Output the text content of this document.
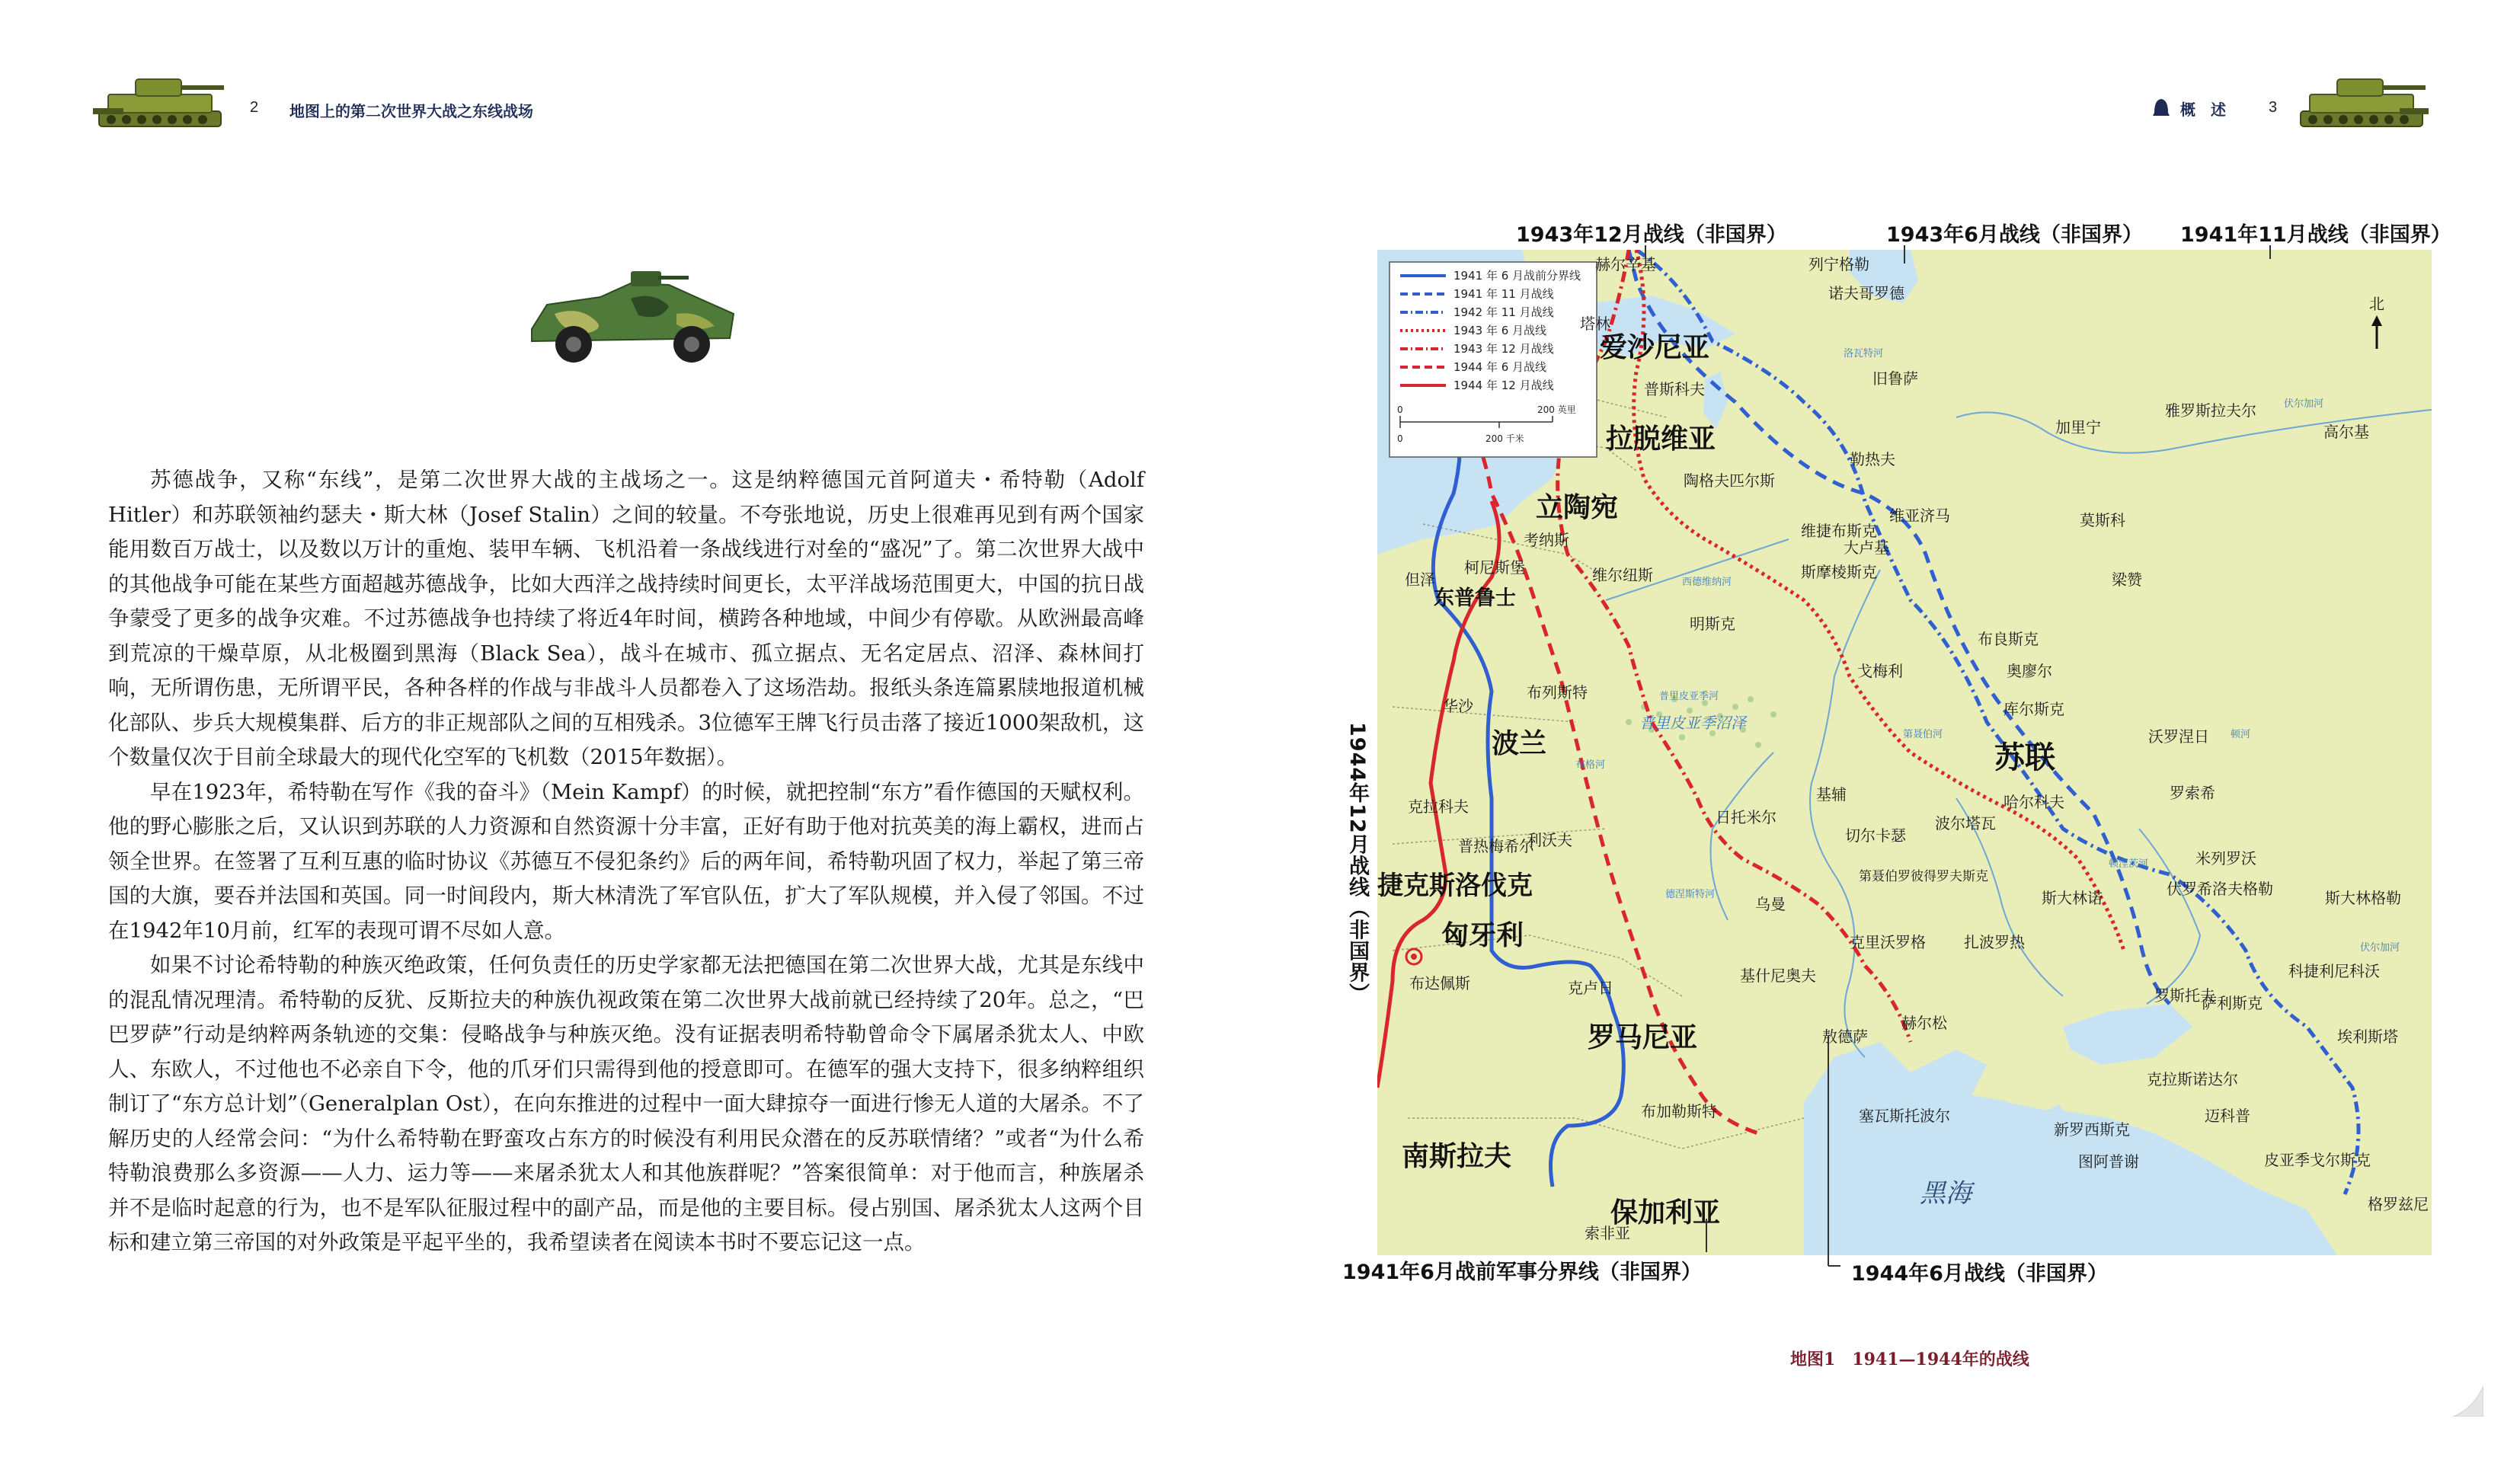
2 地图上的第二次世界大战之东线战场	概　述	3

苏德战争，又称“东线”，是第二次世界大战的主战场之一。这是纳粹德国元首阿道夫・希特勒（Adolf Hitler）和苏联领袖约瑟夫・斯大林（Josef Stalin）之间的较量。不夸张地说，历史上很难再见到有两个国家能用数百万战士，以及数以万计的重炮、装甲车辆、飞机沿着一条战线进行对垒的“盛况”了。第二次世界大战中的其他战争可能在某些方面超越苏德战争，比如大西洋之战持续时间更长，太平洋战场范围更大，中国的抗日战争蒙受了更多的战争灾难。不过苏德战争也持续了将近4年时间，横跨各种地域，中间少有停歇。从欧洲最高峰到荒凉的干燥草原，从北极圈到黑海（Black Sea），战斗在城市、孤立据点、无名定居点、沼泽、森林间打响，无所谓伤患，无所谓平民，各种各样的作战与非战斗人员都卷入了这场浩劫。报纸头条连篇累牍地报道机械化部队、步兵大规模集群、后方的非正规部队之间的互相残杀。3位德军王牌飞行员击落了接近1000架敌机，这个数量仅次于目前全球最大的现代化空军的飞机数（2015年数据）。

早在1923年，希特勒在写作《我的奋斗》（Mein Kampf）的时候，就把控制“东方”看作德国的天赋权利。他的野心膨胀之后，又认识到苏联的人力资源和自然资源十分丰富，正好有助于他对抗英美的海上霸权，进而占领全世界。在签署了互利互惠的临时协议《苏德互不侵犯条约》后的两年间，希特勒巩固了权力，举起了第三帝国的大旗，要吞并法国和英国。同一时间段内，斯大林清洗了军官队伍，扩大了军队规模，并入侵了邻国。不过在1942年10月前，红军的表现可谓不尽如人意。

如果不讨论希特勒的种族灭绝政策，任何负责任的历史学家都无法把德国在第二次世界大战，尤其是东线中的混乱情况理清。希特勒的反犹、反斯拉夫的种族仇视政策在第二次世界大战前就已经持续了20年。总之，“巴巴罗萨”行动是纳粹两条轨迹的交集：侵略战争与种族灭绝。没有证据表明希特勒曾命令下属屠杀犹太人、中欧人、东欧人，不过他也不必亲自下令，他的爪牙们只需得到他的授意即可。在德军的强大支持下，很多纳粹组织制订了“东方总计划”（Generalplan Ost），在向东推进的过程中一面大肆掠夺一面进行惨无人道的大屠杀。不了解历史的人经常会问：“为什么希特勒在野蛮攻占东方的时候没有利用民众潜在的反苏联情绪？”或者“为什么希特勒浪费那么多资源——人力、运力等——来屠杀犹太人和其他族群呢？”答案很简单：对于他而言，种族屠杀并不是临时起意的行为，也不是军队征服过程中的副产品，而是他的主要目标。侵占别国、屠杀犹太人这两个目标和建立第三帝国的对外政策是平起平坐的，我希望读者在阅读本书时不要忘记这一点。

1943年12月战线（非国界）	1943年6月战线（非国界） 1941年11月战线（非国界）
1944年12月战线（非国界）
1941年6月战前军事分界线（非国界）	1944年6月战线（非国界）
1941 年 6 月战前分界线
1941 年 11 月战线
1942 年 11 月战线
1943 年 6 月战线
1943 年 12 月战线
1944 年 6 月战线
1944 年 12 月战线
0	200 英里
0	200 千米
北
爱沙尼亚
拉脱维亚
立陶宛
东普鲁士
波兰
捷克斯洛伐克
匈牙利
罗马尼亚
南斯拉夫
保加利亚
苏联
黑海
赫尔辛基	列宁格勒
塔林
诺夫哥罗德
旧鲁萨
普斯科夫
陶格夫匹尔斯
勒热夫
加里宁
雅罗斯拉夫尔
高尔基
维亚济马	莫斯科
维捷布斯克
大卢基
斯摩棱斯克
考纳斯
维尔纽斯
柯尼斯堡
但泽	梁赞
明斯克
布良斯克
奥廖尔
戈梅利
库尔斯克
沃罗涅日
布列斯特
华沙
基辅	哈尔科夫
波尔塔瓦
罗索希
切尔卡瑟
日托米尔
克拉科夫
普热梅希尔
利沃夫
乌曼
第聂伯罗彼得罗夫斯克
斯大林诺
米列罗沃
斯大林格勒
伏罗希洛夫格勒
克里沃罗格	扎波罗热
科捷利尼科沃
埃利斯塔
布达佩斯	克卢日
基什尼奥夫
敖德萨
赫尔松
罗斯托夫
萨利斯克
克拉斯诺达尔
塞瓦斯托波尔
新罗西斯克
图阿普谢
迈科普
皮亚季戈尔斯克
格罗兹尼
布加勒斯特
索非亚
伏尔加河
伏尔加河
西德维纳河
第聂伯河
普里皮亚季河
布格河
顿河
顿涅茨河
德涅斯特河
洛瓦特河
普里皮亚季沼泽
地图1　1941—1944年的战线
